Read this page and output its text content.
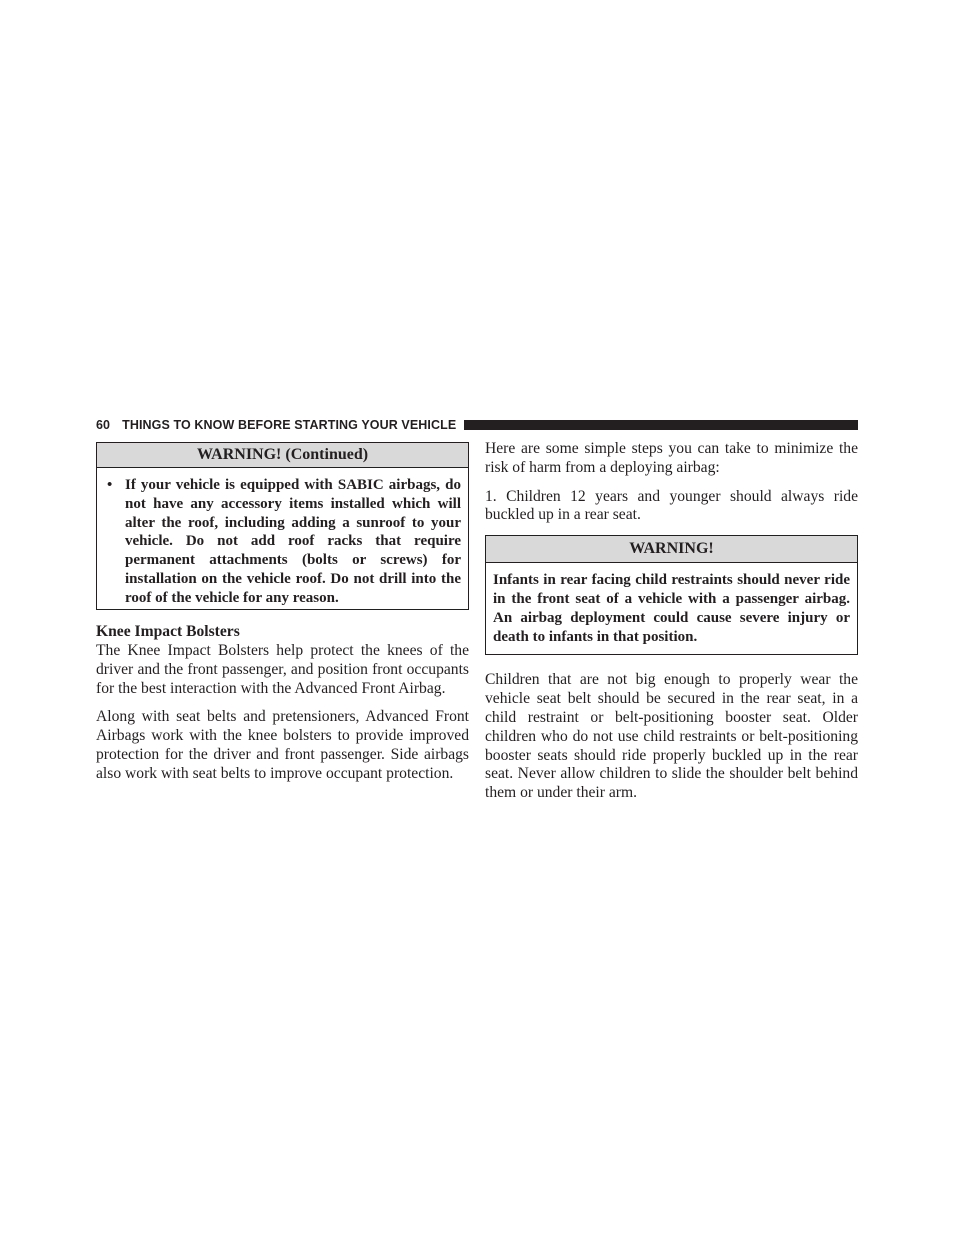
60 THINGS TO KNOW BEFORE STARTING YOUR VEHICLE
WARNING! (Continued)
• If your vehicle is equipped with SABIC airbags, do not have any accessory items installed which will alter the roof, including adding a sunroof to your vehicle. Do not add roof racks that require permanent attachments (bolts or screws) for installation on the vehicle roof. Do not drill into the roof of the vehicle for any reason.
Knee Impact Bolsters

The Knee Impact Bolsters help protect the knees of the driver and the front passenger, and position front occupants for the best interaction with the Advanced Front Airbag.

Along with seat belts and pretensioners, Advanced Front Airbags work with the knee bolsters to provide improved protection for the driver and front passenger. Side airbags also work with seat belts to improve occupant protection.

Here are some simple steps you can take to minimize the risk of harm from a deploying airbag:

1. Children 12 years and younger should always ride buckled up in a rear seat.

WARNING!
Infants in rear facing child restraints should never ride in the front seat of a vehicle with a passenger airbag. An airbag deployment could cause severe injury or death to infants in that position.

Children that are not big enough to properly wear the vehicle seat belt should be secured in the rear seat, in a child restraint or belt-positioning booster seat. Older children who do not use child restraints or belt-positioning booster seats should ride properly buckled up in the rear seat. Never allow children to slide the shoulder belt behind them or under their arm.
